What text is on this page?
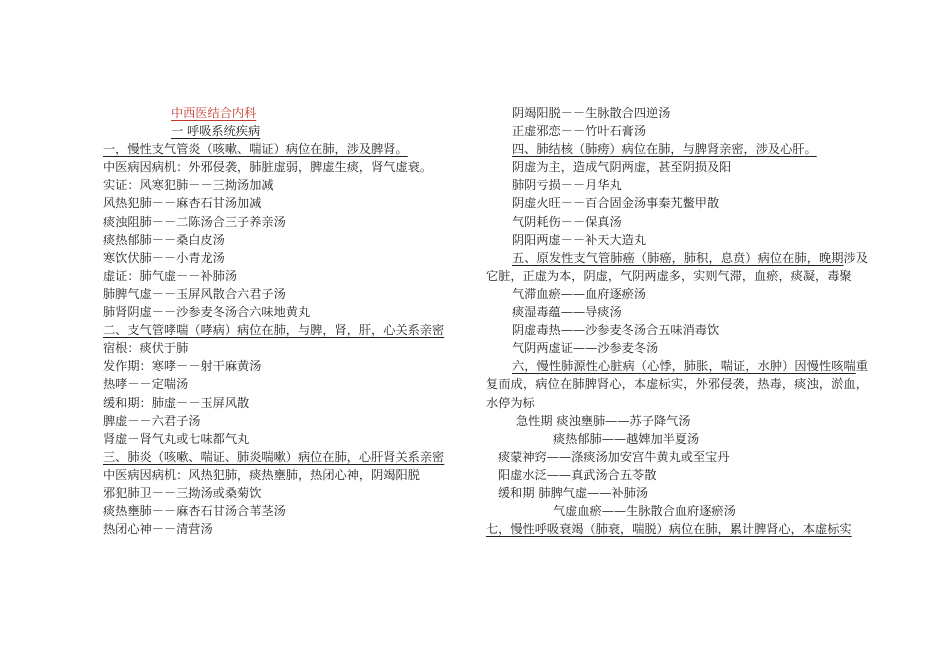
中西医结合内科
一 呼吸系统疾病
一，慢性支气管炎（咳嗽、喘证）病位在肺，涉及脾肾。
中医病因病机：外邪侵袭，肺脏虚弱，脾虚生痰，肾气虚衰。
实证：风寒犯肺－－三拗汤加减
风热犯肺－－麻杏石甘汤加减
痰浊阻肺－－二陈汤合三子养亲汤
痰热郁肺－－桑白皮汤
寒饮伏肺－－小青龙汤
虚证：肺气虚－－补肺汤
肺脾气虚－－玉屏风散合六君子汤
肺肾阴虚－－沙参麦冬汤合六味地黄丸
二、支气管哮喘（哮病）病位在肺，与脾，肾，肝，心关系亲密
宿根：痰伏于肺
发作期：寒哮－－射干麻黄汤
热哮－－定喘汤
缓和期：肺虚－－玉屏风散
脾虚－－六君子汤
肾虚－肾气丸或七味都气丸
三、肺炎（咳嗽、喘证、肺炎喘嗽）病位在肺，心肝肾关系亲密
中医病因病机：风热犯肺，痰热壅肺，热闭心神，阴竭阳脱
邪犯肺卫－－三拗汤或桑菊饮
痰热壅肺－－麻杏石甘汤合苇茎汤
热闭心神－－清营汤
阴竭阳脱－－生脉散合四逆汤
正虚邪恋－－竹叶石膏汤
四、肺结核（肺痨）病位在肺，与脾肾亲密，涉及心肝。
阴虚为主，造成气阴两虚，甚至阴损及阳
肺阴亏损－－月华丸
阴虚火旺－－百合固金汤事秦艽鳖甲散
气阴耗伤－－保真汤
阴阳两虚－－补天大造丸
五、原发性支气管肺癌（肺癌，肺积，息贲）病位在肺，晚期涉及它脏，正虚为本，阴虚，气阴两虚多，实则气滞，血瘀，痰凝，毒聚
气滞血瘀——血府逐瘀汤
痰湿毒蕴——导痰汤
阴虚毒热——沙参麦冬汤合五味消毒饮
气阴两虚证——沙参麦冬汤
六，慢性肺源性心脏病（心悸，肺胀，喘证，水肿）因慢性咳喘重复而成，病位在肺脾肾心，本虚标实，外邪侵袭，热毒，痰浊，淤血，水停为标
急性期 痰浊壅肺——苏子降气汤
痰热郁肺——越婢加半夏汤
痰蒙神窍——涤痰汤加安宫牛黄丸或至宝丹
阳虚水泛——真武汤合五苓散
缓和期 肺脾气虚——补肺汤
气虚血瘀——生脉散合血府逐瘀汤
七，慢性呼吸衰竭（肺衰，喘脱）病位在肺，累计脾肾心，本虚标实
